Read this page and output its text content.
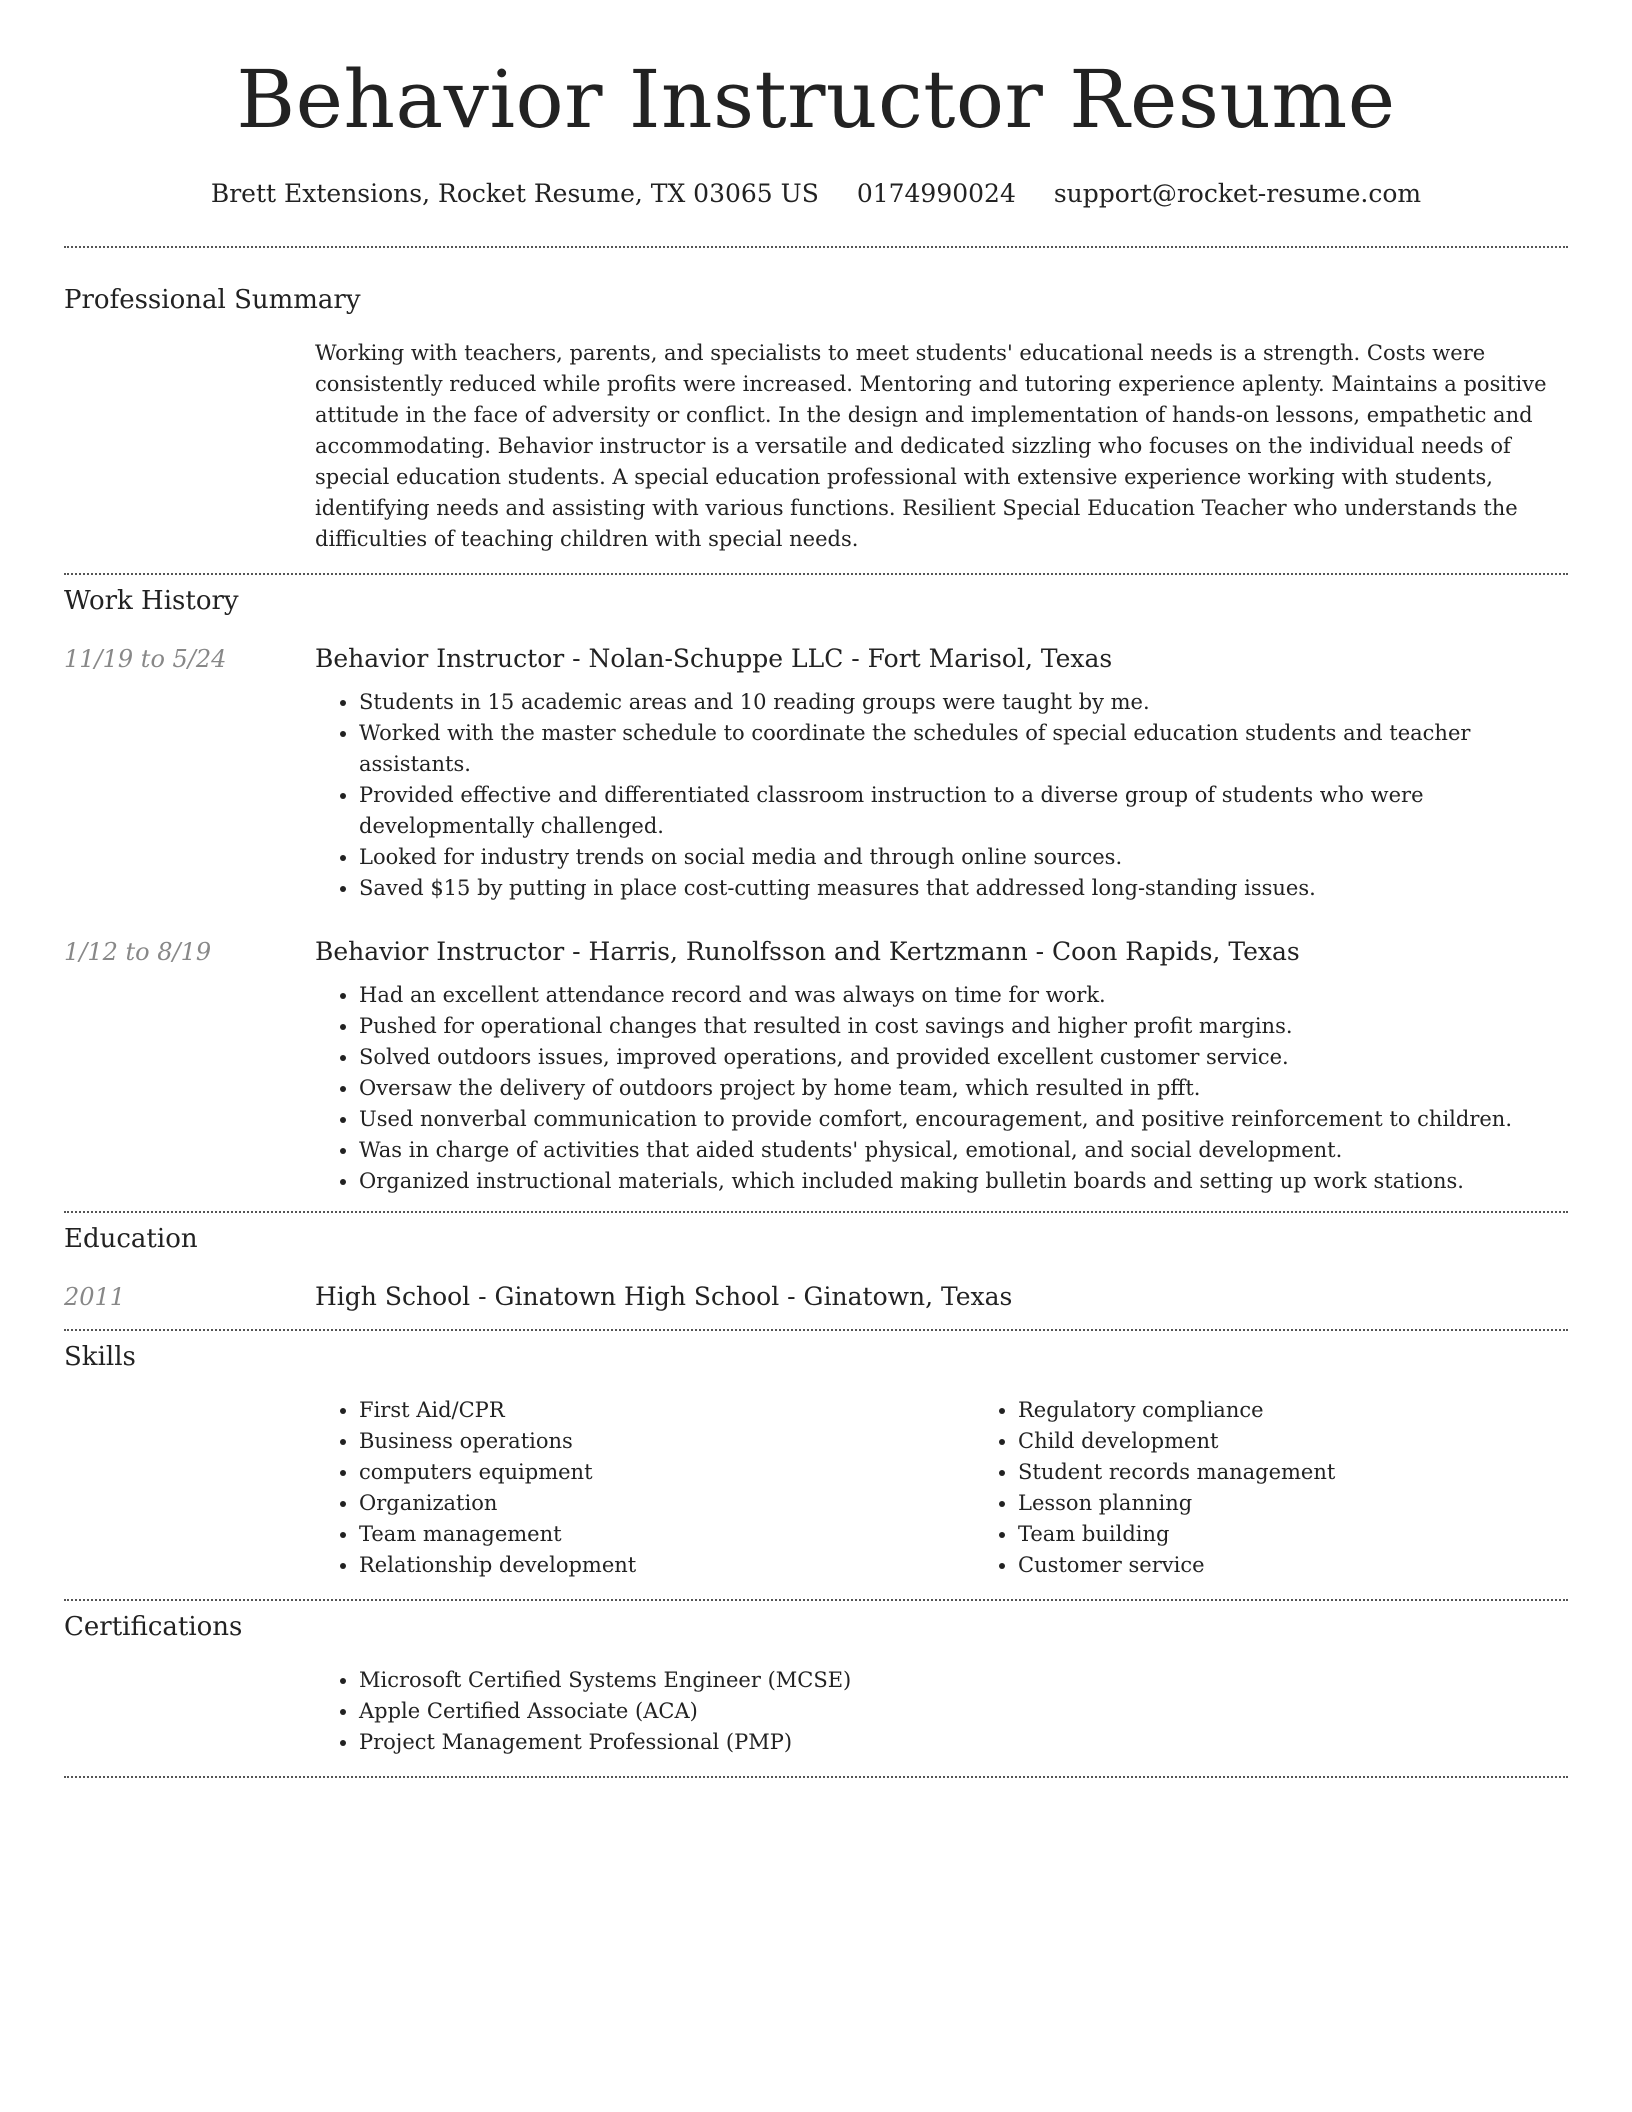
Behavior Instructor Resume
Brett Extensions, Rocket Resume, TX 03065 US 0174990024 support@rocket-resume.com
Professional Summary

Working with teachers, parents, and specialists to meet students' educational needs is a strength. Costs were consistently reduced while profits were increased. Mentoring and tutoring experience aplenty. Maintains a positive attitude in the face of adversity or conflict. In the design and implementation of hands-on lessons, empathetic and accommodating. Behavior instructor is a versatile and dedicated sizzling who focuses on the individual needs of special education students. A special education professional with extensive experience working with students, identifying needs and assisting with various functions. Resilient Special Education Teacher who understands the difficulties of teaching children with special needs.

Work History
11/19 to 5/24	Behavior Instructor - Nolan-Schuppe LLC - Fort Marisol, Texas
• Students in 15 academic areas and 10 reading groups were taught by me.
• Worked with the master schedule to coordinate the schedules of special education students and teacher assistants.
• Provided effective and differentiated classroom instruction to a diverse group of students who were developmentally challenged.
• Looked for industry trends on social media and through online sources.
• Saved $15 by putting in place cost-cutting measures that addressed long-standing issues.
1/12 to 8/19	Behavior Instructor - Harris, Runolfsson and Kertzmann - Coon Rapids, Texas
• Had an excellent attendance record and was always on time for work.
• Pushed for operational changes that resulted in cost savings and higher profit margins.
• Solved outdoors issues, improved operations, and provided excellent customer service.
• Oversaw the delivery of outdoors project by home team, which resulted in pfft.
• Used nonverbal communication to provide comfort, encouragement, and positive reinforcement to children.
• Was in charge of activities that aided students' physical, emotional, and social development.
• Organized instructional materials, which included making bulletin boards and setting up work stations.
Education
2011	High School - Ginatown High School - Ginatown, Texas
Skills
• First Aid/CPR
• Business operations
• computers equipment
• Organization
• Team management
• Relationship development
• Regulatory compliance
• Child development
• Student records management
• Lesson planning
• Team building
• Customer service
Certifications
• Microsoft Certified Systems Engineer (MCSE)
• Apple Certified Associate (ACA)
• Project Management Professional (PMP)
